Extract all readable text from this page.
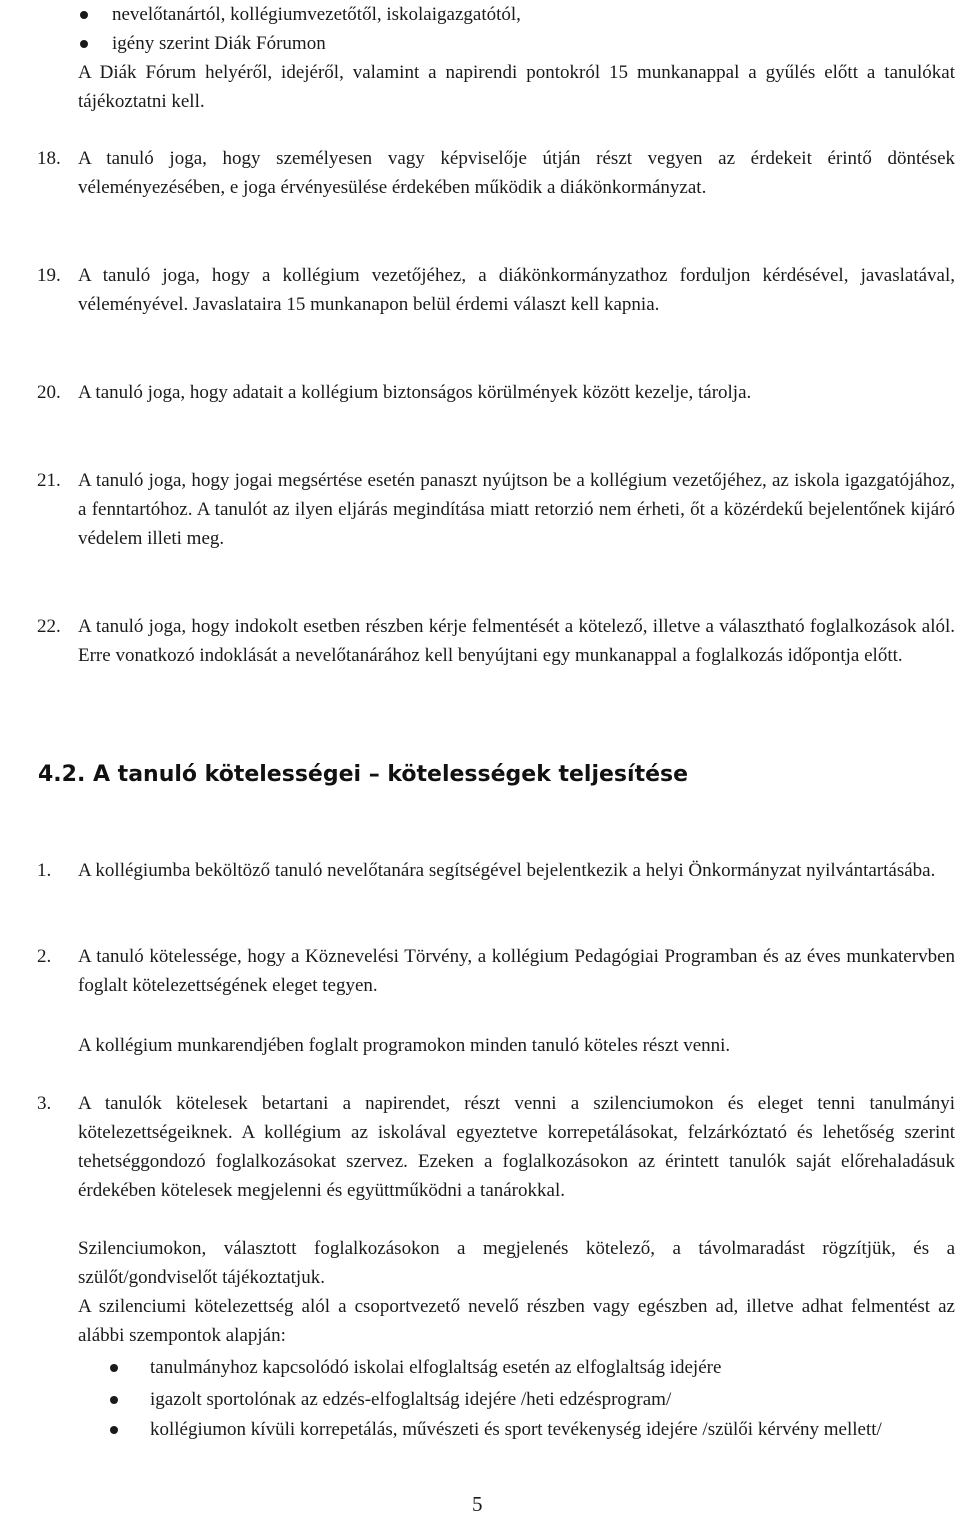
nevelőtanártól, kollégiumvezetőtől, iskolaigazgatótól,
igény szerint Diák Fórumon
A Diák Fórum helyéről, idejéről, valamint a napirendi pontokról 15 munkanappal a gyűlés előtt a tanulókat tájékoztatni kell.
18. A tanuló joga, hogy személyesen vagy képviselője útján részt vegyen az érdekeit érintő döntések véleményezésében, e joga érvényesülése érdekében működik a diákönkormányzat.
19. A tanuló joga, hogy a kollégium vezetőjéhez, a diákönkormányzathoz forduljon kérdésével, javaslatával, véleményével. Javaslataira 15 munkanapon belül érdemi választ kell kapnia.
20. A tanuló joga, hogy adatait a kollégium biztonságos körülmények között kezelje, tárolja.
21. A tanuló joga, hogy jogai megsértése esetén panaszt nyújtson be a kollégium vezetőjéhez, az iskola igazgatójához, a fenntartóhoz. A tanulót az ilyen eljárás megindítása miatt retorzió nem érheti, őt a közérdekű bejelentőnek kijáró védelem illeti meg.
22. A tanuló joga, hogy indokolt esetben részben kérje felmentését a kötelező, illetve a választható foglalkozások alól. Erre vonatkozó indoklását a nevelőtanárához kell benyújtani egy munkanappal a foglalkozás időpontja előtt.
4.2. A tanuló kötelességei – kötelességek teljesítése
1. A kollégiumba beköltöző tanuló nevelőtanára segítségével bejelentkezik a helyi Önkormányzat nyilvántartásába.
2. A tanuló kötelessége, hogy a Köznevelési Törvény, a kollégium Pedagógiai Programban és az éves munkatervben foglalt kötelezettségének eleget tegyen.
A kollégium munkarendjében foglalt programokon minden tanuló köteles részt venni.
3. A tanulók kötelesek betartani a napirendet, részt venni a szilenciumokon és eleget tenni tanulmányi kötelezettségeiknek. A kollégium az iskolával egyeztetve korrepetálásokat, felzárkóztató és lehetőség szerint tehetséggondozó foglalkozásokat szervez. Ezeken a foglalkozásokon az érintett tanulók saját előrehaladásuk érdekében kötelesek megjelenni és együttműködni a tanárokkal.
Szilenciumokon, választott foglalkozásokon a megjelenés kötelező, a távolmaradást rögzítjük, és a szülőt/gondviselőt tájékoztatjuk.
A szilenciumi kötelezettség alól a csoportvezető nevelő részben vagy egészben ad, illetve adhat felmentést az alábbi szempontok alapján:
tanulmányhoz kapcsolódó iskolai elfoglaltság esetén az elfoglaltság idejére
igazolt sportolónak az edzés-elfoglaltság idejére /heti edzésprogram/
kollégiumon kívüli korrepetálás, művészeti és sport tevékenység idejére /szülői kérvény mellett/
5
